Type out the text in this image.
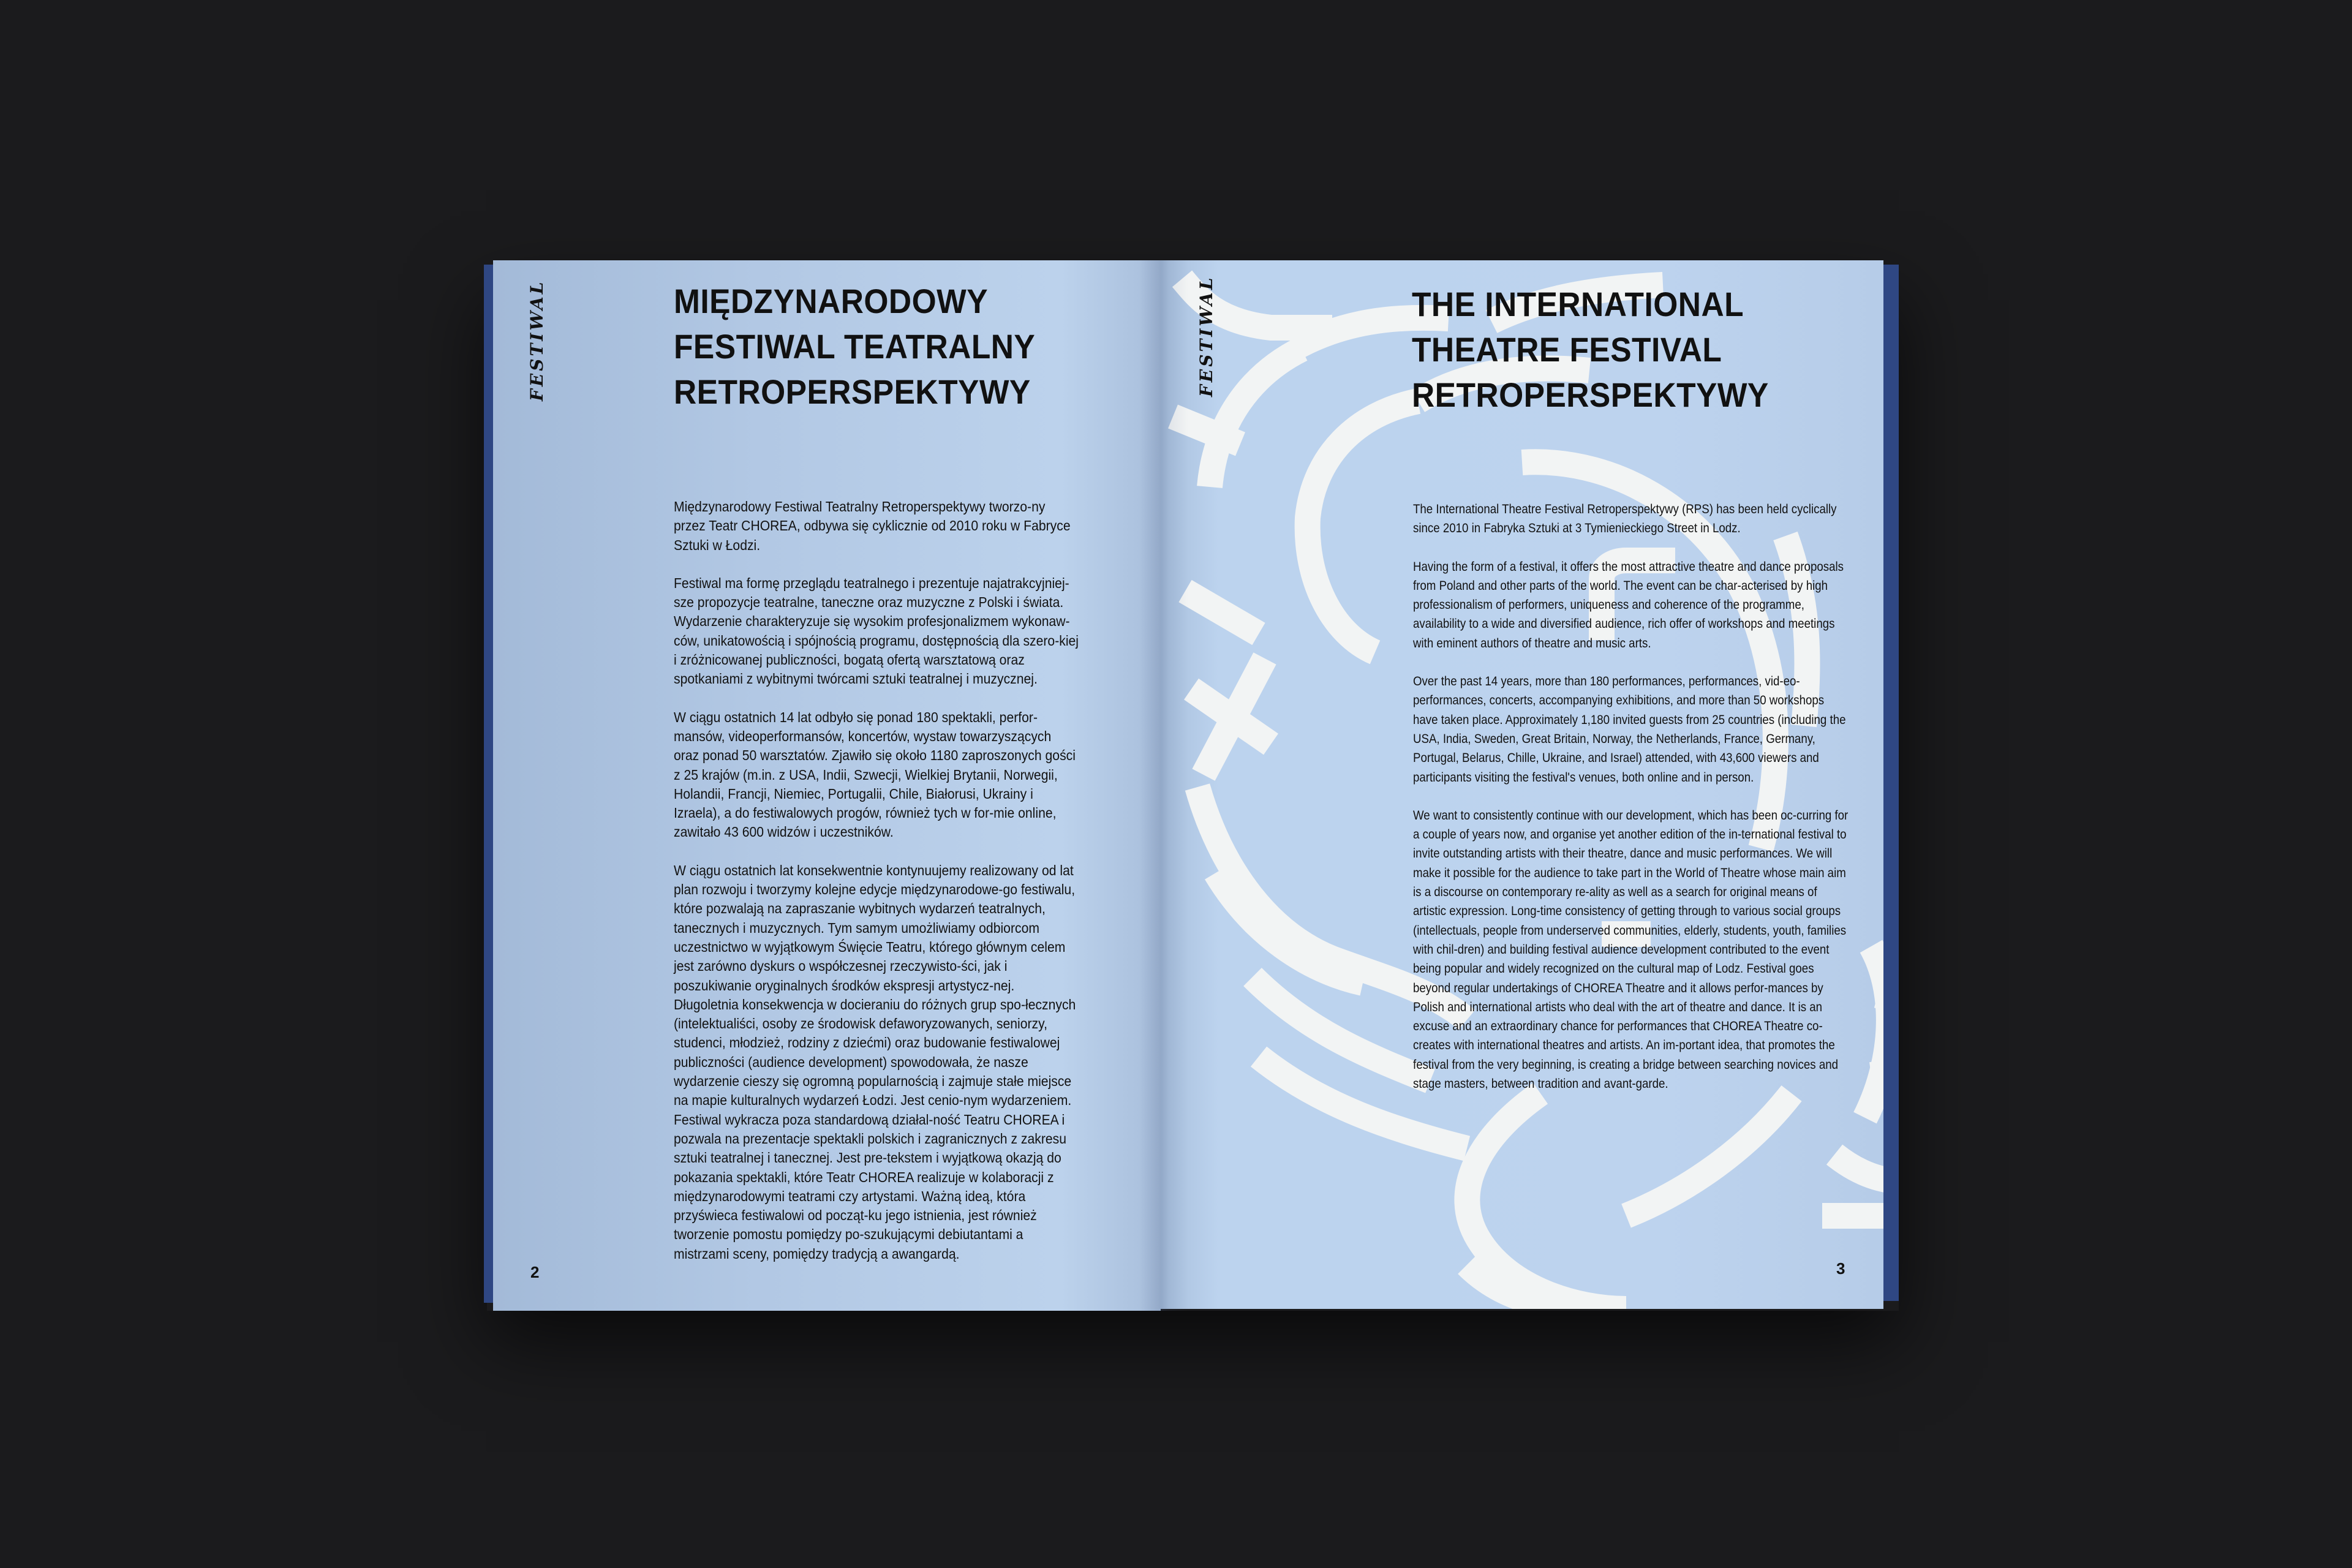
FESTIWAL	MIĘDZYNARODOWY
FESTIWAL TEATRALNY
RETROPERSPEKTYWY

Międzynarodowy Festiwal Teatralny Retroperspektywy tworzo-ny przez Teatr CHOREA, odbywa się cyklicznie od 2010 roku w Fabryce Sztuki w Łodzi.

Festiwal ma formę przeglądu teatralnego i prezentuje najatrakcyjniej-sze propozycje teatralne, taneczne oraz muzyczne z Polski i świata. Wydarzenie charakteryzuje się wysokim profesjonalizmem wykonaw-ców, unikatowością i spójnością programu, dostępnością dla szero-kiej i zróżnicowanej publiczności, bogatą ofertą warsztatową oraz spotkaniami z wybitnymi twórcami sztuki teatralnej i muzycznej.

W ciągu ostatnich 14 lat odbyło się ponad 180 spektakli, perfor-mansów, videoperformansów, koncertów, wystaw towarzyszących oraz ponad 50 warsztatów. Zjawiło się około 1180 zaproszonych gości z 25 krajów (m.in. z USA, Indii, Szwecji, Wielkiej Brytanii, Norwegii, Holandii, Francji, Niemiec, Portugalii, Chile, Białorusi, Ukrainy i Izraela), a do festiwalowych progów, również tych w for-mie online, zawitało 43 600 widzów i uczestników.

W ciągu ostatnich lat konsekwentnie kontynuujemy realizowany od lat plan rozwoju i tworzymy kolejne edycje międzynarodowe-go festiwalu, które pozwalają na zapraszanie wybitnych wydarzeń teatralnych, tanecznych i muzycznych. Tym samym umożliwiamy odbiorcom uczestnictwo w wyjątkowym Święcie Teatru, którego głównym celem jest zarówno dyskurs o współczesnej rzeczywisto-ści, jak i poszukiwanie oryginalnych środków ekspresji artystycz-nej. Długoletnia konsekwencja w docieraniu do różnych grup spo-łecznych (intelektualiści, osoby ze środowisk defaworyzowanych, seniorzy, studenci, młodzież, rodziny z dziećmi) oraz budowanie festiwalowej publiczności (audience development) spowodowała, że nasze wydarzenie cieszy się ogromną popularnością i zajmuje stałe miejsce na mapie kulturalnych wydarzeń Łodzi. Jest cenio-nym wydarzeniem. Festiwal wykracza poza standardową działal-ność Teatru CHOREA i pozwala na prezentacje spektakli polskich i zagranicznych z zakresu sztuki teatralnej i tanecznej. Jest pre-tekstem i wyjątkową okazją do pokazania spektakli, które Teatr CHOREA realizuje w kolaboracji z międzynarodowymi teatrami czy artystami. Ważną ideą, która przyświeca festiwalowi od począt-ku jego istnienia, jest również tworzenie pomostu pomiędzy po-szukującymi debiutantami a mistrzami sceny, pomiędzy tradycją a awangardą.

2
FESTIWAL	THE INTERNATIONAL
THEATRE FESTIVAL
RETROPERSPEKTYWY

The International Theatre Festival Retroperspektywy (RPS) has been held cyclically since 2010 in Fabryka Sztuki at 3 Tymienieckiego Street in Lodz.

Having the form of a festival, it offers the most attractive theatre and dance proposals from Poland and other parts of the world. The event can be char-acterised by high professionalism of performers, uniqueness and coherence of the programme, availability to a wide and diversified audience, rich offer of workshops and meetings with eminent authors of theatre and music arts.

Over the past 14 years, more than 180 performances, performances, vid-eo-performances, concerts, accompanying exhibitions, and more than 50 workshops have taken place. Approximately 1,180 invited guests from 25 countries (including the USA, India, Sweden, Great Britain, Norway, the Netherlands, France, Germany, Portugal, Belarus, Chille, Ukraine, and Israel) attended, with 43,600 viewers and participants visiting the festival's venues, both online and in person.

We want to consistently continue with our development, which has been oc-curring for a couple of years now, and organise yet another edition of the in-ternational festival to invite outstanding artists with their theatre, dance and music performances. We will make it possible for the audience to take part in the World of Theatre whose main aim is a discourse on contemporary re-ality as well as a search for original means of artistic expression. Long-time consistency of getting through to various social groups (intellectuals, people from underserved communities, elderly, students, youth, families with chil-dren) and building festival audience development contributed to the event being popular and widely recognized on the cultural map of Lodz. Festival goes beyond regular undertakings of CHOREA Theatre and it allows perfor-mances by Polish and international artists who deal with the art of theatre and dance. It is an excuse and an extraordinary chance for performances that CHOREA Theatre co-creates with international theatres and artists. An im-portant idea, that promotes the festival from the very beginning, is creating a bridge between searching novices and stage masters, between tradition and avant-garde.

3
